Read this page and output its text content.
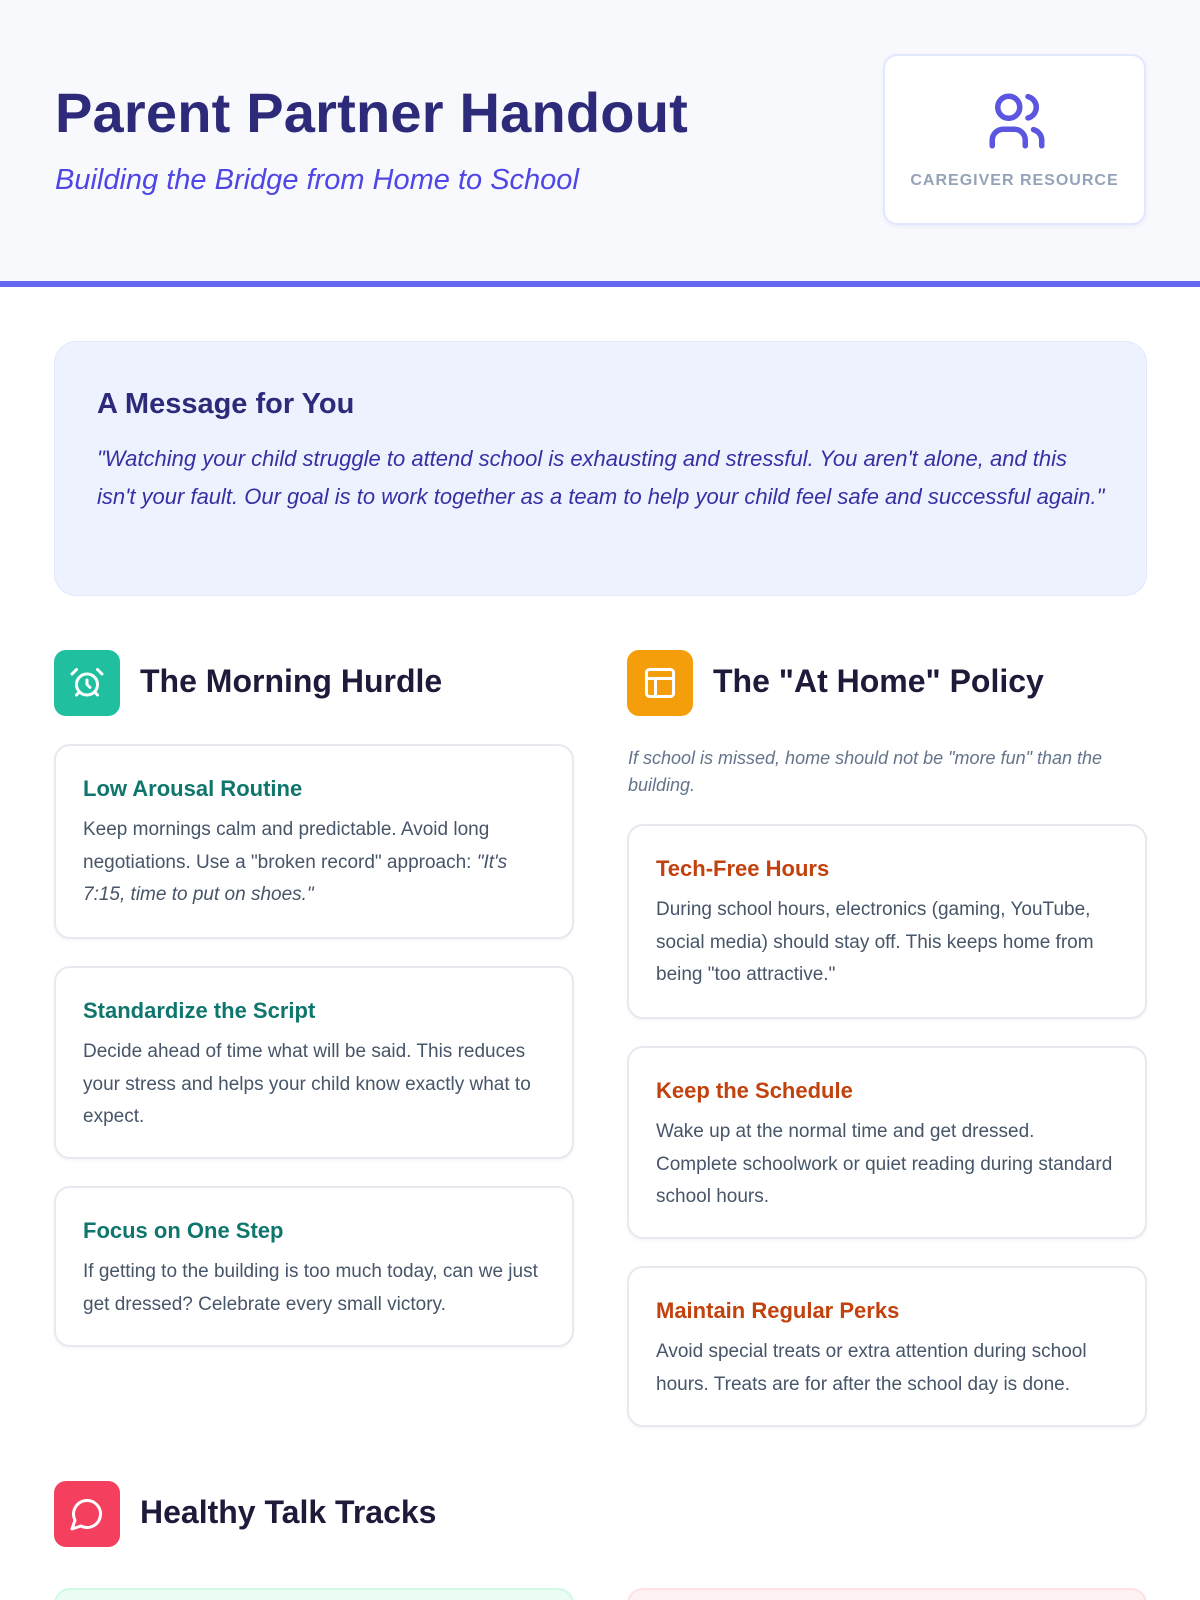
Parent Partner Handout
Building the Bridge from Home to School	CAREGIVER RESOURCE
A Message for You

"Watching your child struggle to attend school is exhausting and stressful. You aren't alone, and this isn't your fault. Our goal is to work together as a team to help your child feel safe and successful again."

The Morning Hurdle
Low Arousal Routine

Keep mornings calm and predictable. Avoid long negotiations. Use a "broken record" approach: "It's 7:15, time to put on shoes."

Standardize the Script

Decide ahead of time what will be said. This reduces your stress and helps your child know exactly what to expect.

Focus on One Step

If getting to the building is too much today, can we just get dressed? Celebrate every small victory.

The "At Home" Policy
If school is missed, home should not be "more fun" than the building.
Tech-Free Hours

During school hours, electronics (gaming, YouTube, social media) should stay off. This keeps home from being "too attractive."

Keep the Schedule

Wake up at the normal time and get dressed. Complete schoolwork or quiet reading during standard school hours.

Maintain Regular Perks

Avoid special treats or extra attention during school hours. Treats are for after the school day is done.

Healthy Talk Tracks
